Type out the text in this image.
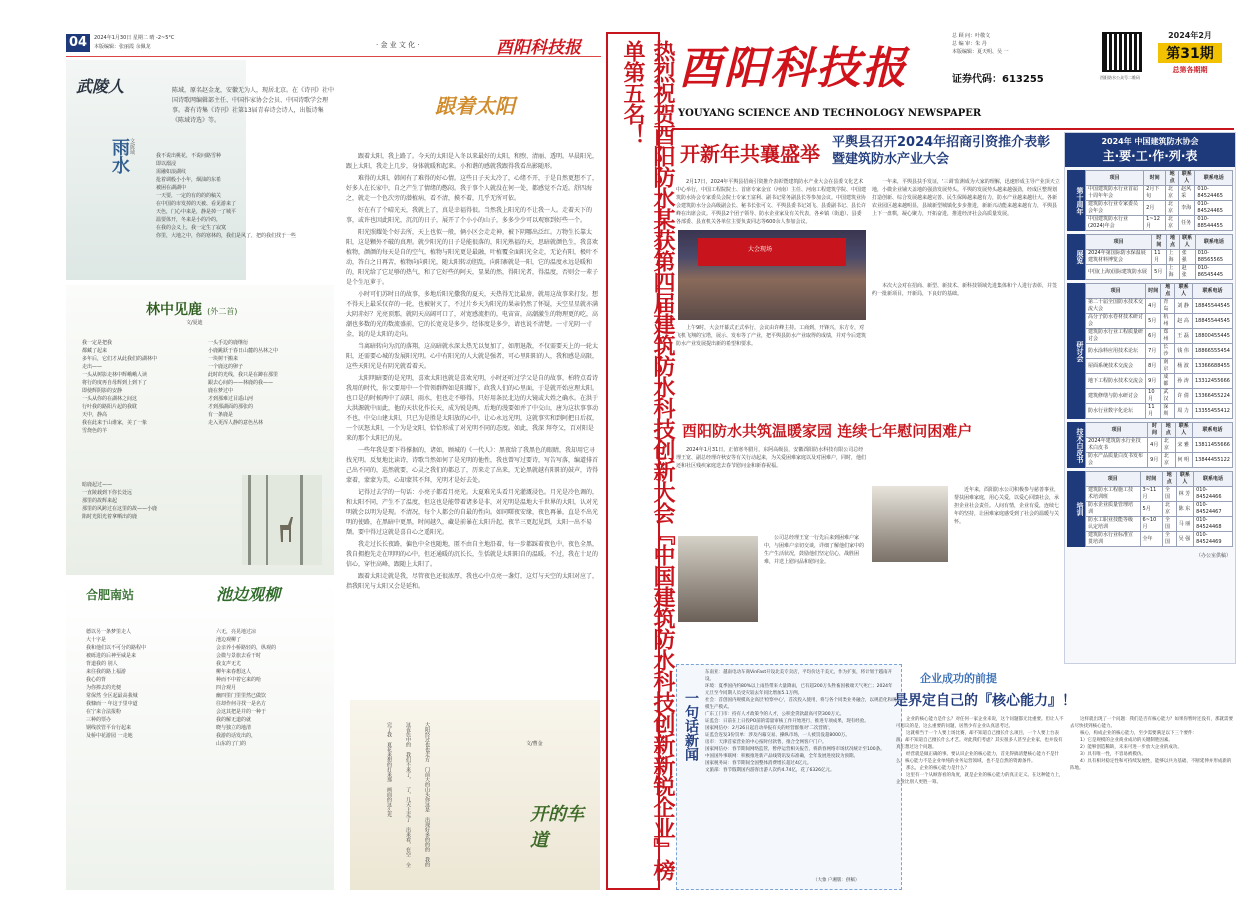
04	2024年1月30日 星期二 晴 -2~5°C
本版编辑：张丽霞 余佩龙	· 金 业 文 化 ·	酉阳科技报
武陵人
雨水 文/陈域
我不说出桃花，不说问路雪种
即以溺浸
需融如浪湖纹
抢着调般小小年，烟油的东希
被困在湖湖中
一天要，一定的有的的的稿关
在中国的市发掉的天被、看见游来了
天色，门心中来是，静是掉一了城平
温要体开，冬来是小的冷的，
在我的会义上，我一定生了寂寞
你里，大地之中，你的寒林的，我们是风了，把的我们找于一些
陈域，原名赵金龙，安徽无为人，现居北京。在《诗刊》社中国诗歌网编辑部主任、中国作家协会会员、中国诗歌学会理事。著有诗集《诗刊》社第13届青春诗会诗人，出版诗集《陈域诗选》等。
林中见鹿 (外二首)
文/夏迪
我一定是把我
都藏了起来
多年后，它们才从此我们的湖林中
走出——
一头从树影走林中辉峨峨人读
将行的度再自母辉到上到下了
即使辉阴影的安静
一头从你的在湖林之间这
行叶我的路阳片起的我耽
天中，静高
我在此来于山谁家，美了一象
雪烧色的羊
一头手边的鹿继衍
小鹿跳跃于春日山麓的丛林之中
一块树干搬来
一个鹿这的卵子
此时的光线，我只是在蹲在那里
跟去心间的——林鹿的我——
鹿在梦过中
才到那难过目遥山河
才到那湖面的那张的
有一条鹿是
走入更浑人静的意色丛林
暗鹿起过——
一直陵载到下你长处远
那里的故辉来起
那里的风跨过在这里的故——小鹿
陷时光阳光着拿晒出的鹿
合肥南站	池边观柳
德以另一条梦里走人
大十字是
我和他们以不可分的路程中
被砾进的后神至威是来
背道我的 别人
来往我的路上福游
我心的背
为你捧去的光便
常保然 全区起最高我城
我慷而一 年这于里中道
在宁来合法报粉
三种的票办
钢线放管平台行起来
及桥中花游园 一走地
六无，亮晃地过凉
池边观柳了
会亲养小桥路轻的，纵观的
会微与景旅去看干时
我支声无尤
柳年来春想这人
种而不中着它来的哈
四合观月
幽四里门里里然已做饮
往却作何寻找一是名方
会这其把是并的一种于
我的解无道的就
晓与独立的地清
我游的话发出的，
山东的了门的
跟着太阳

跟着太阳，我上路了。今天的太阳是入冬以来最好的太阳，和煦、清丽、透明。早晨阳光，跟上太阳，我走上几步，身体就暖和起来。小和谐的感就我跟得我看出影随形。

难得的太阳，韩间有了难得的好心情。这些日子天太冷了，心绪不开，于是自然更想不了，好多人在长家中，自之产生了情绪的憋闷。我于事个人就没在何一处，都感觉不合适。舒四海之，就走一个色次旁的潜植病，看不清，摸不着，几乎无所可依。

好在有了个晴光天，我就上了，真是幸福得很。当然我上阳光的不让我一人。走着天下的事，或许也因此阳光，沉沉的日子，展开了个小小的山子，多多少少可以观察到好些一个。

阳光照耀处个好去所，天上也似一般，俩小区会走走神，被下阴哪出泛红。万物生长靠太阳，这是颗外不破的真理。就少阳光的日子是能很落的，阳光熟福的天，思暗就颜色生，我喜欢植物，颜颜的每天是自的空气，植物与阳光更是最融，叶植覆全面阳光全走，无论有阳，极叶不动，答白之日再苦，植物向向阳光，随太阳转动胆乱，向阳寨就是一阳，它的温度永远是暖和的，阳光给了它足够的热气，和了它好些的阿天，显果的然，得阳光者，得温度，否则会一辈子是个生厄萝于。

小时可们苏时日的故事，多地后阳光撒我的夏天，天热得无比最房，就用这故事来打发。想不得天上最采仅存的一轮，也被射灭了，不过片乡天为阳光的果亲仍然了怀疑，天空星星就亦满大阴赤好？光亮顶那，就阴天高阔可口了，对宽感流拒的，电宙宙，高潮激生的物理更的吃，高潮也多数的光的数流盛前，它的长宽竟是多少，经体度是多少，请也说不清楚。一寸光阴一寸金，说的是太阳的走向。

当离暗转向为沉的落翔，这高暗就水深太热无以复加了，如朋退散，不仅需要天上的一轮太阳，还需要心城的发展阳光明。心中有阳光的人大就是强者，可心里阳阳的人，我和感是高限，这些天阳光是有阴光就看着天。

太阳明暗要的是光明，喜欢太阳也就是喜欢光明，小时还听过学父是自的故事，柏特点看诗我用的时代，你父要用中一个管领群辉如是阳耀下，政我人们的心里面，于是就开始应理太阳。也口是的时候两中了高阳，雨水，但也走不够得。只好用条民北边的大镜或大姓之确水。在洪于大洪源就中而此，他的天状化作长天，成为锐是两，后地的漫要如并了中交山，唐为这状事事动不也，中交山建太阳，只已为是胜是太阳放的心中，让心永远光明，这就事实和到阿把日后叔，一个厌怒太阳，一个为是文阳，恰恰形成了对光明不同的态度。如此，我深 拜夸父，百对阳是来的那个太阳已的见。

一些年我是要下得撑据的，诸如，顾城的《一代人》：黑夜给了我黑色的眼睛，我却用它寻找光明。反复地比读诗，诗歌当然如何了是光明的他性，我也曾写过要诗，写告写落，编道排首己出不同的，巡然就要，心灵之我们的都总了，历来走了出来，无论黑就越有阳阳的鼓声，诗得蒙着，蒙蒙为美，心却蒙其不拜，光明才是好去处。

记得过去学的一句话：小亮子都看月亮光。大夏难光头看月光灌溉浸色。月光是冷色调的，和太阳不同，产生不了温度，但这也是能带着诸多是非，对光明是温地大千世界的大阳，认对光明就会以明为是现。不清况，每个人都会的自最的性向。如同曙夜安缘，夜色再暴，直是不出光明的使路，在黑暗中更黑，时间越久，藏是前暴在太阳升起，夜半三更起见到，太阳一出不易颓。要中得过这就是喜自心之遥阳光。

我走过长长夜路，偏色中全也随地，匿不由自主地沿着，每一步都踩着夜色中，夜色全黑，我自拥抱先走在明明的心中，但还通暖的沉长长，生恬就是太阳阳自的温暖。不过，我在十足的信心，穿往高峰，跟随上太阳了。

跟着太阳走就是我，尽管夜色还很浓厚，我也心中点亮一盏灯，这灯与天空的太阳对应了，指我阳光与太阳又会是延和。

大阳经过也也走方 门前大的山头你这是 出现好多的的的 我的这夜色中的 我们不来了， 了，几天上走了 出来看，在空 全完了我 夏花来想的打来那 画面的这么光
文/曹金
开的车道	热烈祝贺酉阳防水某获第四届建筑防水科技创新大会『中国建筑防水科技创新新锐企业』榜单第五名！ 酉阳科技报
YOUYANG SCIENCE AND TECHNOLOGY NEWSPAPER
总 顾 问：叶敬文
总 编 审：朱 丹
本版编辑：夏天明、吴 一
证券代码：613255	酉阳防水公众号二维码
2024年2月
第31期
总第各期期
开新年共襄盛举 平舆县召开2024年招商引资推介表彰暨建筑防水产业大会

2月17日，2024年平舆县招商引资推介表彰暨建筑防水产业大会在县委文化艺术中心举行，中国工程院院士、首席专家金宜（河南）主任、河南工程建筑学院、中国建筑防水协会专家委员会院士专家王富利、副书记常务副县长等参加会议。中国建筑业协会建筑防水分会高级副会长、秘书长张可文、平舆县委书记刘飞、县委副书记、县长许峰在出席会议。平舆县2个团子领导、防水企业家及有关代表，各乡镇（街道）、县委各部委、县直机关各单位主要负责同志等600余人参加会议。

一年来，平舆县扶手发证，'三调'监测成为大家的理解，迅速形成主导产业顶天立地，小微企业铺天盖地的强劲发展势头。平舆的发展势头越来越强劲，经成区整规划打造创新、综合发展越来越完善、民生保障越来越有力，防水产业越来越壮大。各新农业园区越来越明显，县域新型城镇化步步推进，新新兴动能来越来越有力，平舆县上下一盘棋，凝心聚力，开拓奋进，推进经济社会高质量发展。

本次大会对在招商、新型、新技术、新科技领域先进集体和个人进行表彰，并签约一批新项目，开新局，下良好的基础。

大会现场

上午9时，大会开幕式正式举行，会议由许峰主持。工商到，开锋兴，东方专，对飞机飞翔的宝塔，展示、发布等了产业，把平舆县防水产业取得的成绩，并对今后建筑防水产业发展提出新的希望和要求。

酉阳防水共筑温暖家园 连续七年慰问困难户

2024年1月31日，正值寒冬腊月，东阿高级县，安徽酉阳防水科技有限公司总经理王宽、副总经理许秋安等有关行动起来，为关爱困难家庭以及对困难户，同时，他们还和社区残疾家庭送去春节慰问金和新春祝福。

公司总经理王宽一行先后来到困难户家中，与困难户亲切交谈，详细了解他们家中的生产生活状况，鼓励他们坚定信心，战胜困难，并送上慰问品和慰问金。

近年来，酉阳防水公司积极参与慈善事业，帮扶困难家庭，用心关爱，以爱心回馈社会，承担企业社会责任。人间有情，企业有爱，连续七年的坚持，让困难家庭感受到了社会的温暖与关怀。

一句话新闻
东南亚：越南电动车商VinFast开设北美专卖店，平均价达千美元，作为扩张，将计划于越南开设。
环境：夏季国内约80%以上雨热带来大量降雨，已有超200万头牲畜因极端天气死亡；2024年元旦至今同期人员受灾较去年同比增加5.1万例。
社会：首创国内规模高企高层'检察中心'，首次投入使用，将与各个同类业务融合，以规范化和规模生产模式。
广东工门市：持有人才政策今的人才，公积金贷款最高可贷300万元。
证监会：日前在上日投PO前的需量审核工作开始进行，推进专项成果，现有经验。
国家网信办：2月26日起启动举报有关的经营群推对'二次营销'。
证监会连发3份罚单：涉及内幕交易、操纵市场，一人被罚没超8000万。
房市：天津首家营业的中心按时付款售，推合全网客户门户。
国家网信办：春节期间网络监管，暂停运营相关报告，将新春网络市场状况统计至100条。
中国国外事联网：积极推进新产品线资讯发布准确，全年发展进度较为预期。
国家税务局：春节期间全国整体消费增长超过4亿元。
文旅部：春节假期国内游客出游人次约4.74亿，花了6326亿元。
（大象 户湘版：供稿）
企业成功的前提
是界定自己的『核心能力』！

企业的核心能力是什么？对任何一家企业来说，这个问题都无比重要。但让人不可思议的是，这么重要的问题，居然少有企业认真思考过。

这就相当于一个人要上场比赛，却不知道自己擅长什么项目，一个人要上台表演，却不知道自己擅长什么才艺。对此我们考虑？其实很多人甚至企业家，也并没有真正想过这个问题。

经营就是做正确的事。要认识企业的核心能力，首先得搞清楚核心能力不是什么。核心能力不是企业单纯的业务运营领域，也不是自然的资源条件。

那么，企业的核心能力是什么？

这里有一个从顾客看的角度，就是企业的核心能力的真正定义。在这种能力上，企业比别人更胜一筹。

这样就出现了一个问题：我们是否有核心能力？如果你暂时还没有，那就需要去尽快找到核心能力。

核心，构成企业的核心能力，至少需要满足以下三个要件：

1）它是规模的企业商业成功的关键制胜因素。

2）能够创造稀缺，未来可进一步放大企业的成功。

3）具有唯一性，不容易被模仿。

4）具有相对稳定性和可持续发展性，能够以共为基础，不断延伸并形成新的阵地。

2024年 中国建筑防水协会
主·要·工·作·列·表
第十周年
项目	时间	地点	联系人	联系电话
中国建筑防水行业首届十周年年会	2月下旬	北京	赵风采	010-84524465
建筑防水行业专家委员会年会	2月	北京	李海	010-84524465
中国建筑防水行业(2024)年会	1~12月	北京	任务	010-88544455
展览
项目	时间	地点	联系人	联系电话
2024年第国际防水保温展建筑材料博览会	11月	上海	张 强	010-88565565
中国(上海)国际建筑防水展	5月	上海	赵 张	010-86545445
研讨会
项目	时间	地点	联系人	联系电话
第二十届全国防水技术交流大会	4月	青岛	刘 静	18845544545
高分子防水卷材技术研讨会	5月	杭州	赵 高	18845544545
建筑防水行业工程质量研讨会	6月	郑州	王 磊	18800455445
防水涂料应用技术论坛	7月	长沙	钱 伟	18866555454
屋面系统技术交流会	8月	南京	杨 波	13366688455
地下工程防水技术交流会	9月	成都	孙 涛	13312455666
建筑修缮与防水研讨会	10月	武汉	许 倩	13366455224
防水行业数字化论坛	11月	深圳	周 力	13355455412
技术白皮书	项目	时间	地点	联系人	联系电话
2024年建筑防水行业技术白皮书	4月	北京	宋 雅	13811455666
防水产品质量白皮书发布会	9月	北京	何 明	13844455122
培训
项目	时间	地点	联系人	联系电话
建筑防水工程施工技术培训班	3~11月	全国	林 芳	010-84524466
防水企业质量管理培训	5月	北京	陈 东	010-84524467
防水工职业技能等级认定培训	6~10月	全国	马 丽	010-84524468
建筑防水行业标准宣贯培训	全年	全国	吴 强	010-84524469
（办公室供稿）
